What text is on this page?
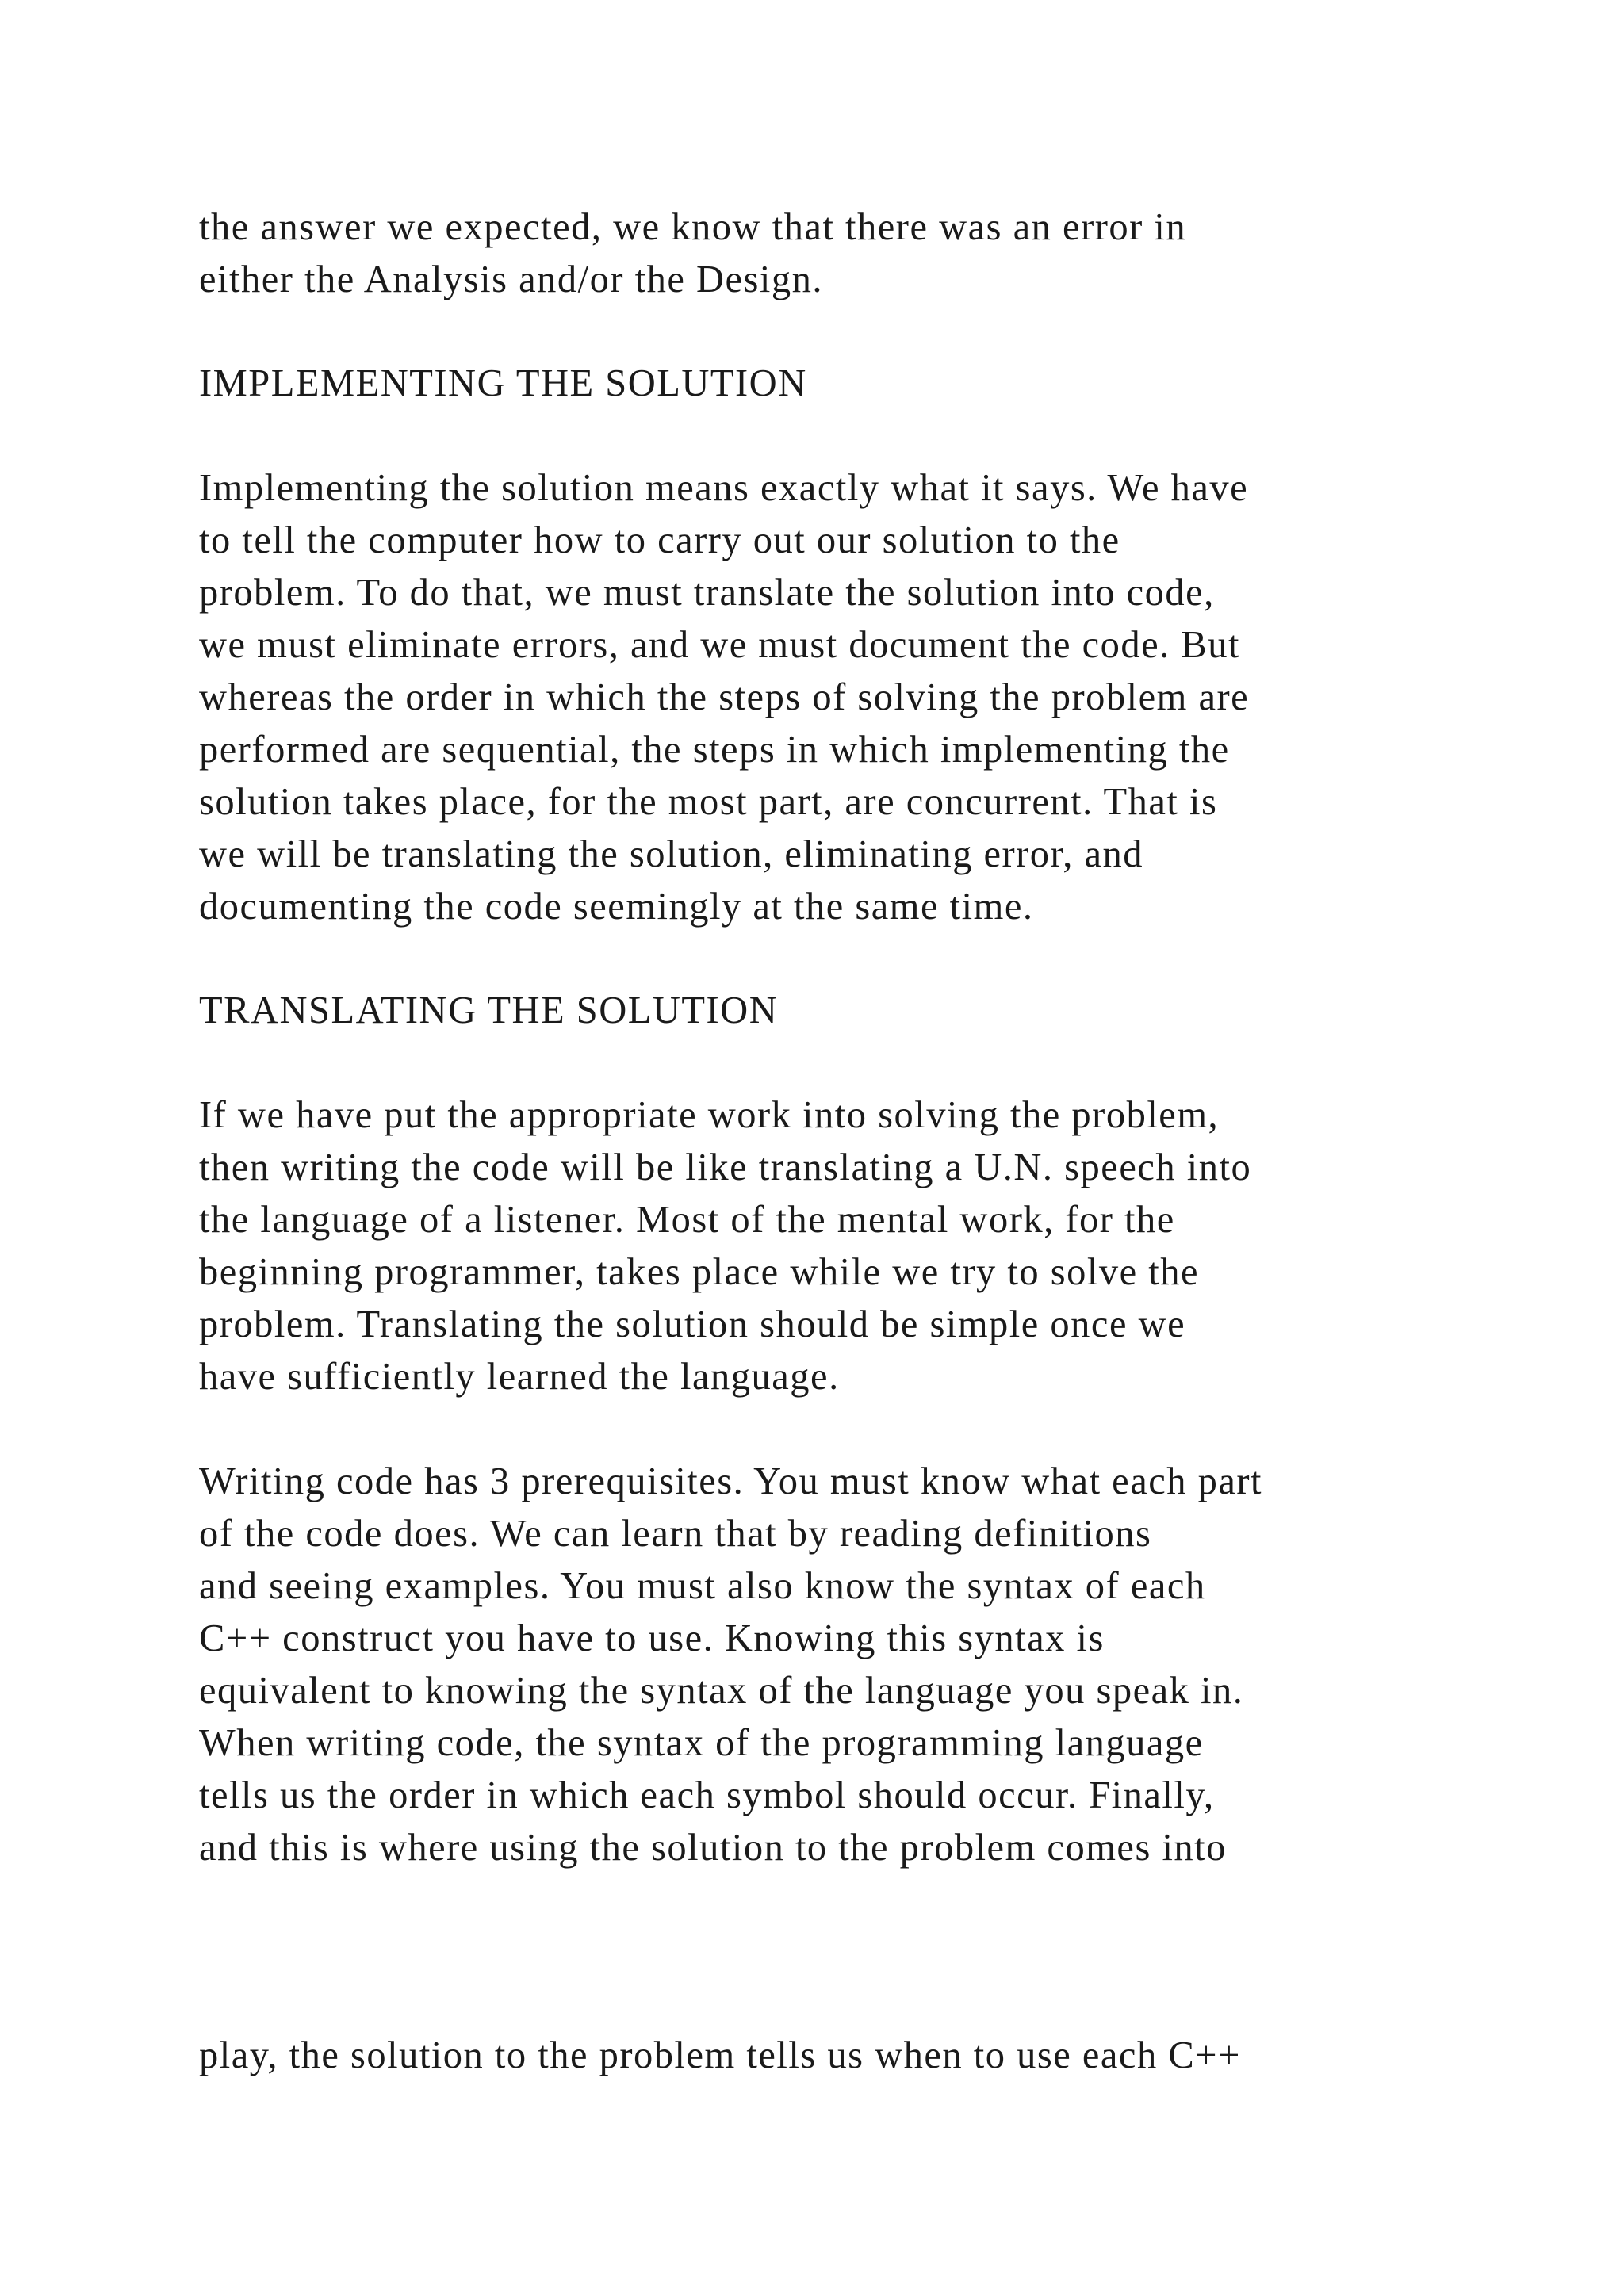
the answer we expected, we know that there was an error in

either the Analysis and/or the Design.

IMPLEMENTING THE SOLUTION

Implementing the solution means exactly what it says. We have

to tell the computer how to carry out our solution to the

problem. To do that, we must translate the solution into code,

we must eliminate errors, and we must document the code. But

whereas the order in which the steps of solving the problem are

performed are sequential, the steps in which implementing the

solution takes place, for the most part, are concurrent. That is

we will be translating the solution, eliminating error, and

documenting the code seemingly at the same time.

TRANSLATING THE SOLUTION

If we have put the appropriate work into solving the problem,

then writing the code will be like translating a U.N. speech into

the language of a listener. Most of the mental work, for the

beginning programmer, takes place while we try to solve the

problem. Translating the solution should be simple once we

have sufficiently learned the language.

Writing code has 3 prerequisites. You must know what each part

of the code does. We can learn that by reading definitions

and seeing examples. You must also know the syntax of each

C++ construct you have to use. Knowing this syntax is

equivalent to knowing the syntax of the language you speak in.

When writing code, the syntax of the programming language

tells us the order in which each symbol should occur. Finally,

and this is where using the solution to the problem comes into

play, the solution to the problem tells us when to use each C++
